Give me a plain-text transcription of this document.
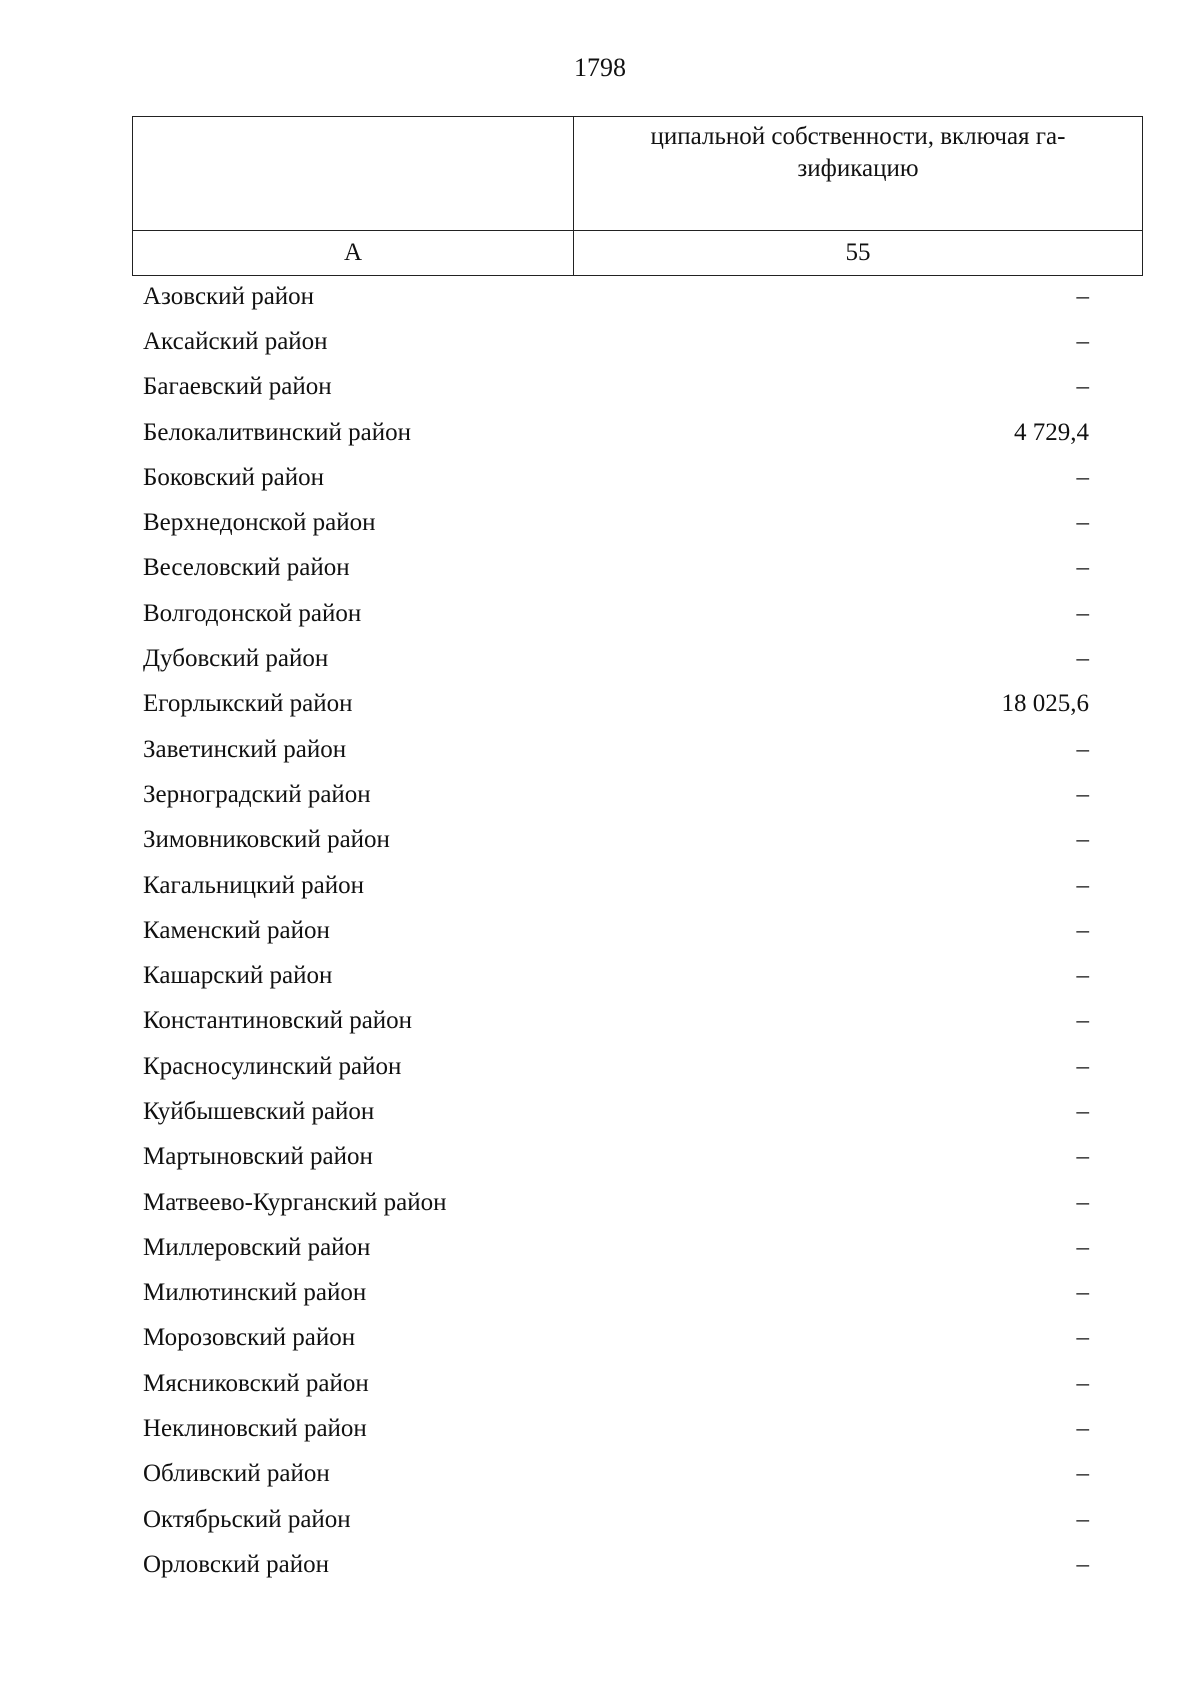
1798

	ципальной собственности, включая га-
зификацию

А	55
Азовский район	–
Аксайский район	–
Багаевский район	–
Белокалитвинский район	4 729,4
Боковский район	–
Верхнедонской район	–
Веселовский район	–
Волгодонской район	–
Дубовский район	–
Егорлыкский район	18 025,6
Заветинский район	–
Зерноградский район	–
Зимовниковский район	–
Кагальницкий район	–
Каменский район	–
Кашарский район	–
Константиновский район	–
Красносулинский район	–
Куйбышевский район	–
Мартыновский район	–
Матвеево-Курганский район	–
Миллеровский район	–
Милютинский район	–
Морозовский район	–
Мясниковский район	–
Неклиновский район	–
Обливский район	–
Октябрьский район	–
Орловский район	–
